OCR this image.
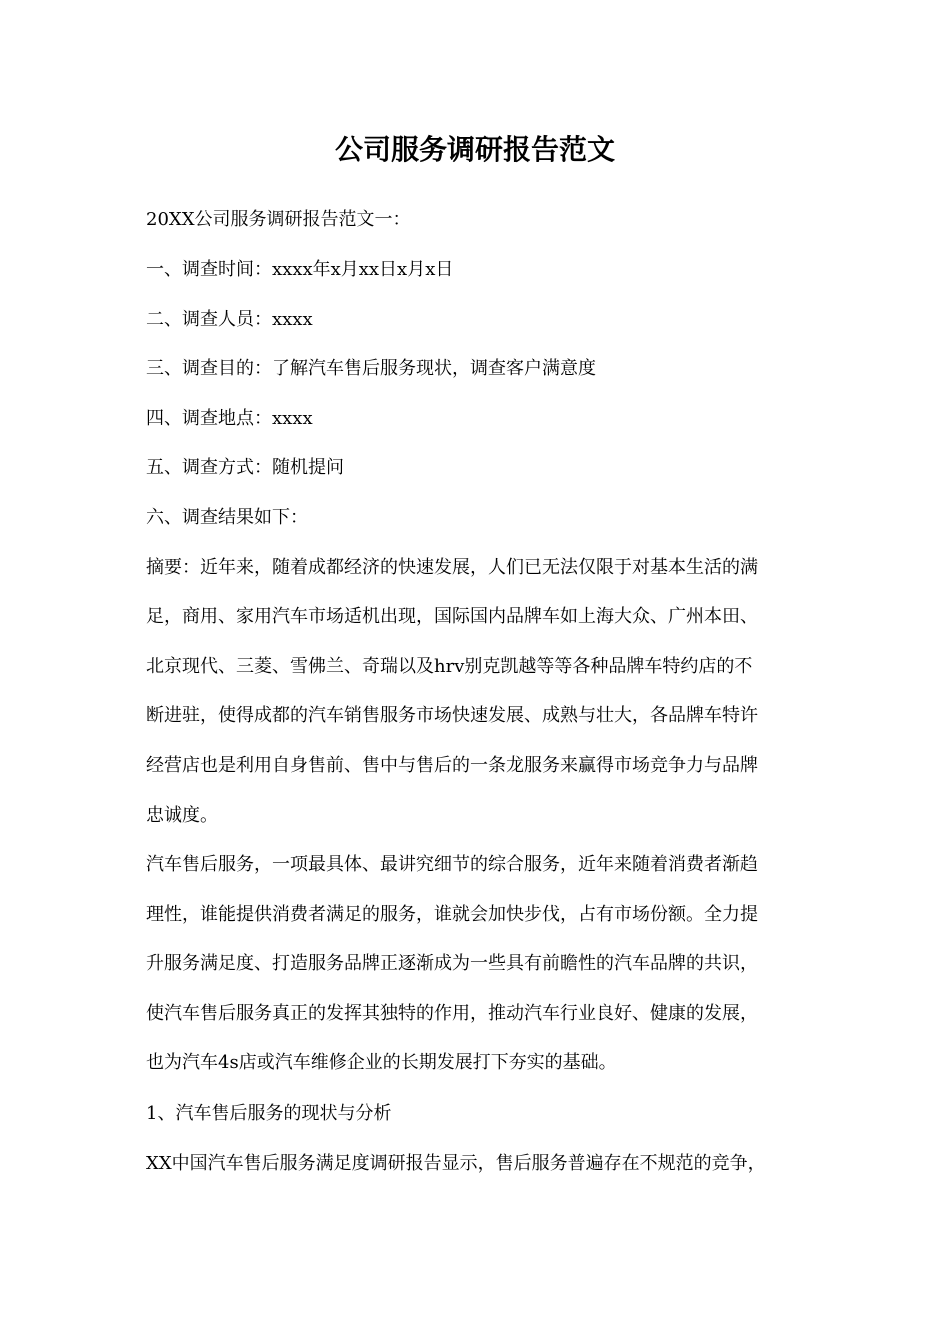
公司服务调研报告范文
20XX公司服务调研报告范文一：
一、调查时间：xxxx年x月xx日x月x日
二、调查人员：xxxx
三、调查目的：了解汽车售后服务现状，调查客户满意度
四、调查地点：xxxx
五、调查方式：随机提问
六、调查结果如下：
摘要：近年来，随着成都经济的快速发展，人们已无法仅限于对基本生活的满
足，商用、家用汽车市场适机出现，国际国内品牌车如上海大众、广州本田、
北京现代、三菱、雪佛兰、奇瑞以及hrv别克凯越等等各种品牌车特约店的不
断进驻，使得成都的汽车销售服务市场快速发展、成熟与壮大，各品牌车特许
经营店也是利用自身售前、售中与售后的一条龙服务来赢得市场竞争力与品牌
忠诚度。
汽车售后服务，一项最具体、最讲究细节的综合服务，近年来随着消费者渐趋
理性，谁能提供消费者满足的服务，谁就会加快步伐，占有市场份额。全力提
升服务满足度、打造服务品牌正逐渐成为一些具有前瞻性的汽车品牌的共识，
使汽车售后服务真正的发挥其独特的作用，推动汽车行业良好、健康的发展，
也为汽车4s店或汽车维修企业的长期发展打下夯实的基础。
1、汽车售后服务的现状与分析
XX中国汽车售后服务满足度调研报告显示，售后服务普遍存在不规范的竞争，
